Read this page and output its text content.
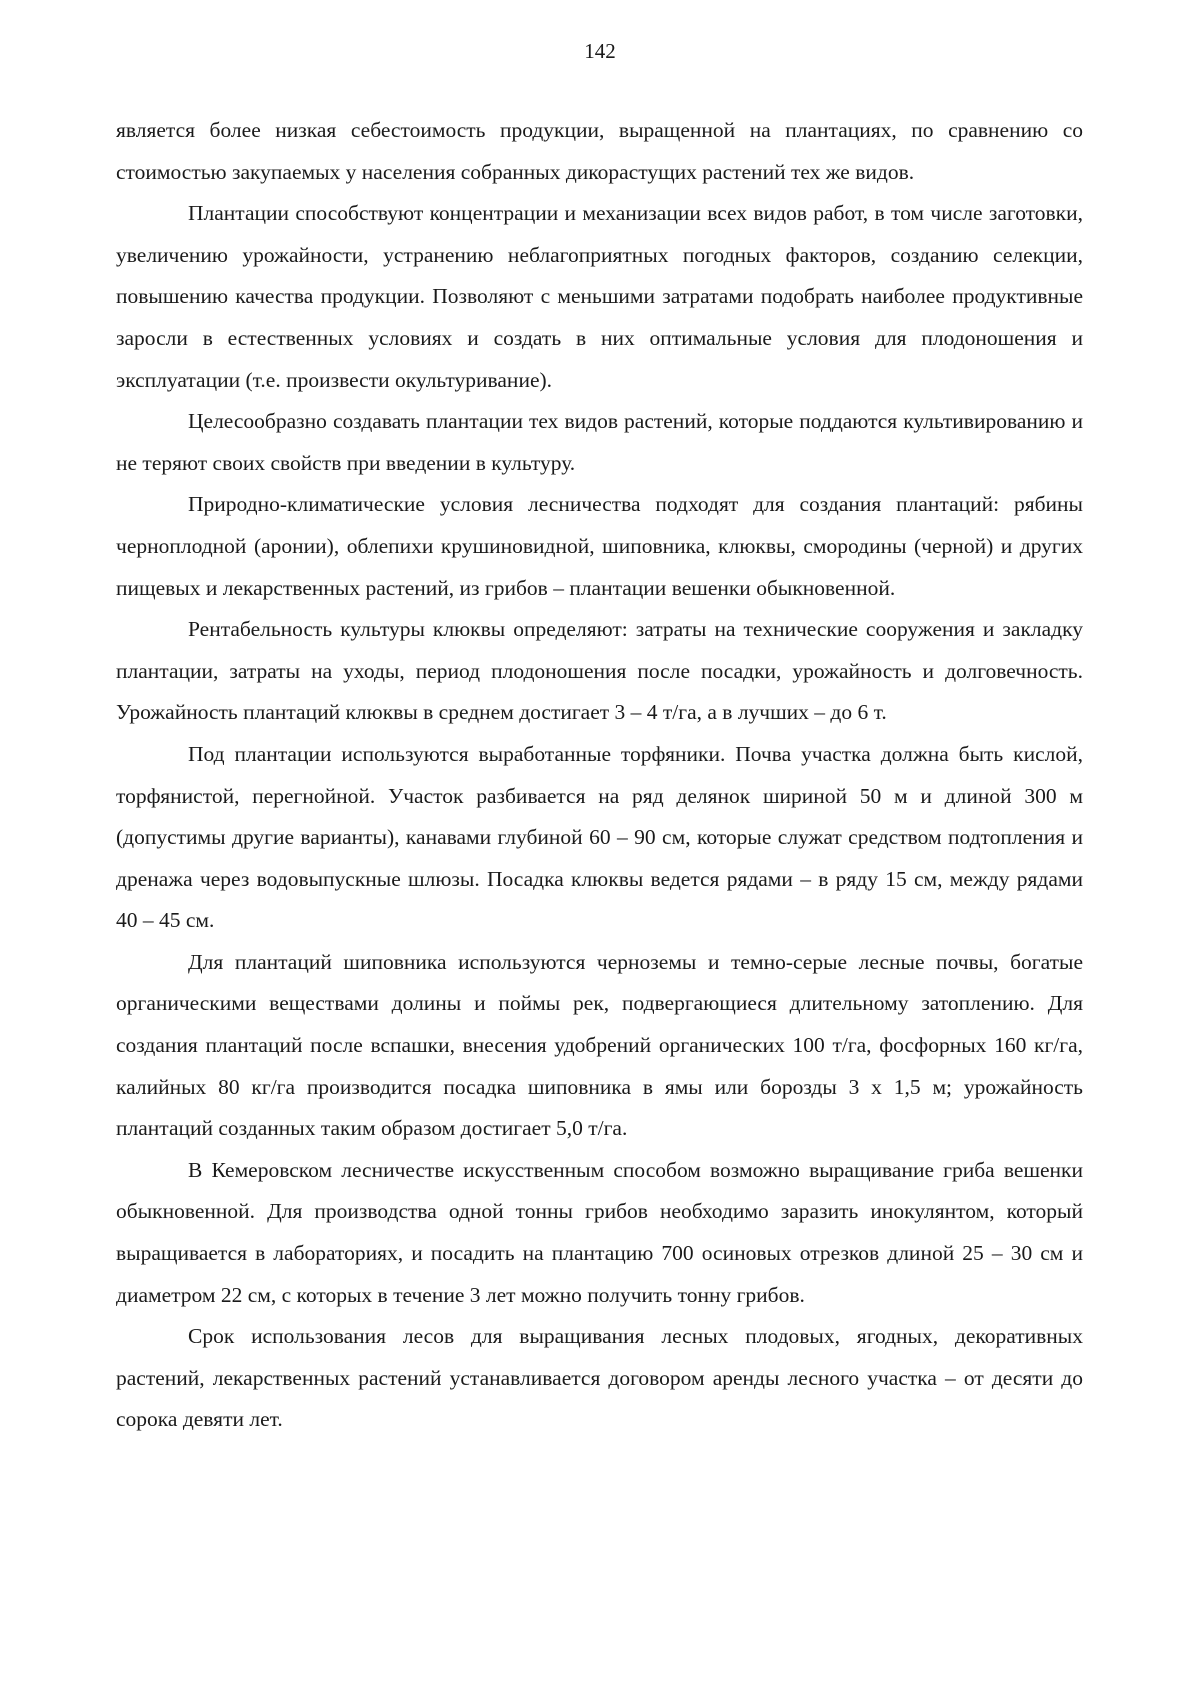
142

является более низкая себестоимость продукции, выращенной на плантациях, по сравнению со стоимостью закупаемых у населения собранных дикорастущих растений тех же видов.

Плантации способствуют концентрации и механизации всех видов работ, в том числе заготовки, увеличению урожайности, устранению неблагоприятных погодных факторов, созданию селекции, повышению качества продукции. Позволяют с меньшими затратами подобрать наиболее продуктивные заросли в естественных условиях и создать в них оптимальные условия для плодоношения и эксплуатации (т.е. произвести окультуривание).

Целесообразно создавать плантации тех видов растений, которые поддаются культивированию и не теряют своих свойств при введении в культуру.

Природно-климатические условия лесничества подходят для создания плантаций: рябины черноплодной (аронии), облепихи крушиновидной, шиповника, клюквы, смородины (черной) и других пищевых и лекарственных растений, из грибов – плантации вешенки обыкновенной.

Рентабельность культуры клюквы определяют: затраты на технические сооружения и закладку плантации, затраты на уходы, период плодоношения после посадки, урожайность и долговечность. Урожайность плантаций клюквы в среднем достигает 3 – 4 т/га, а в лучших – до 6 т.

Под плантации используются выработанные торфяники. Почва участка должна быть кислой, торфянистой, перегнойной. Участок разбивается на ряд делянок шириной 50 м и длиной 300 м (допустимы другие варианты), канавами глубиной 60 – 90 см, которые служат средством подтопления и дренажа через водовыпускные шлюзы. Посадка клюквы ведется рядами – в ряду 15 см, между рядами 40 – 45 см.

Для плантаций шиповника используются черноземы и темно-серые лесные почвы, богатые органическими веществами долины и поймы рек, подвергающиеся длительному затоплению. Для создания плантаций после вспашки, внесения удобрений органических 100 т/га, фосфорных 160 кг/га, калийных 80 кг/га производится посадка шиповника в ямы или борозды 3 х 1,5 м; урожайность плантаций созданных таким образом достигает 5,0 т/га.

В Кемеровском лесничестве искусственным способом возможно выращивание гриба вешенки обыкновенной. Для производства одной тонны грибов необходимо заразить инокулянтом, который выращивается в лабораториях, и посадить на плантацию 700 осиновых отрезков длиной 25 – 30 см и диаметром 22 см, с которых в течение 3 лет можно получить тонну грибов.

Срок использования лесов для выращивания лесных плодовых, ягодных, декоративных растений, лекарственных растений устанавливается договором аренды лесного участка – от десяти до сорока девяти лет.
